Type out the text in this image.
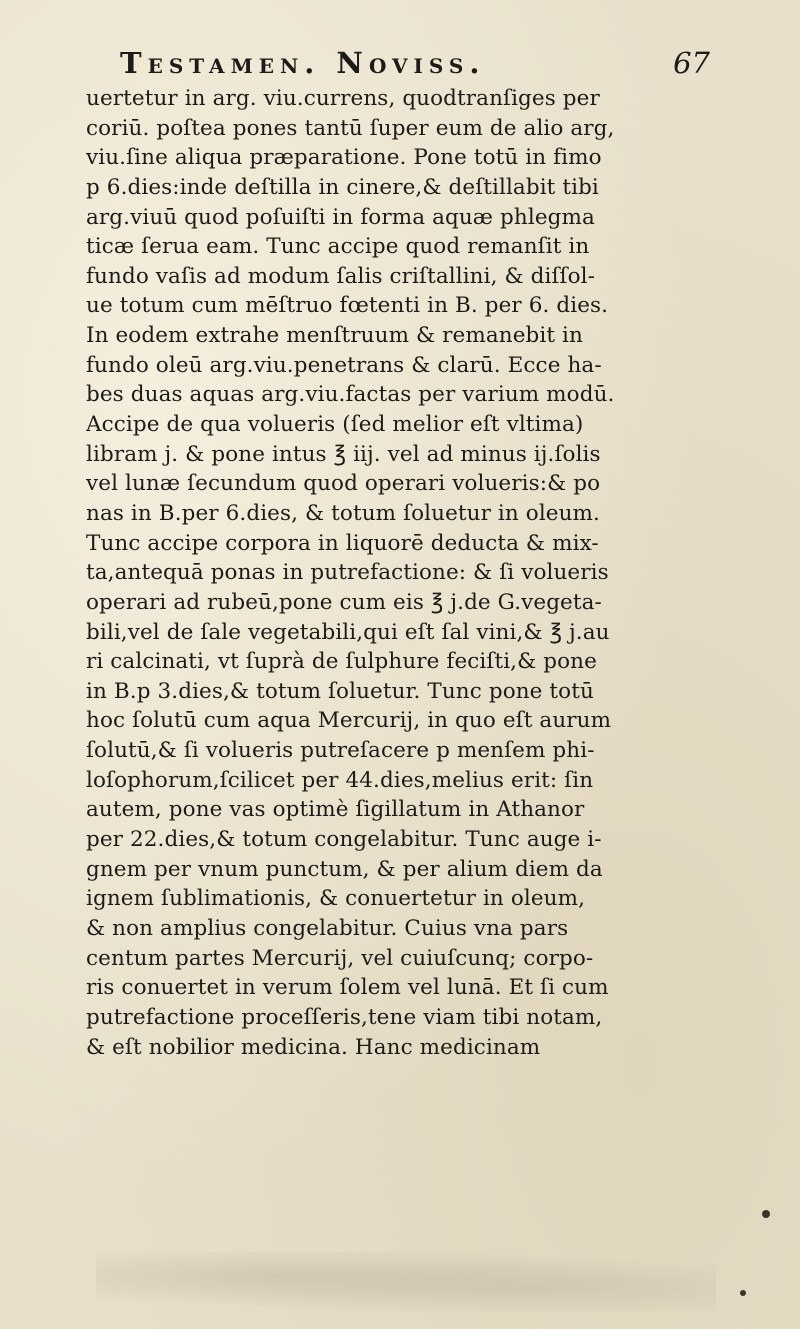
Testamen. Noviss.	67
uertetur in arg. viu.currens, quodtranſiges per
coriū. poſtea pones tantū ſuper eum de alio arg,
viu.ſine aliqua præparatione. Pone totū in fimo
p 6.dies:inde deſtilla in cinere,& deſtillabit tibi
arg.viuū quod poſuiſti in forma aquæ phlegma
ticæ ſerua eam. Tunc accipe quod remanſit in
fundo vaſis ad modum ſalis criſtallini, & diſſol-
ue totum cum mēſtruo fœtenti in B. per 6. dies.
In eodem extrahe menſtruum & remanebit in
fundo oleū arg.viu.penetrans & clarū. Ecce ha-
bes duas aquas arg.viu.factas per varium modū.
Accipe de qua volueris (ſed melior eſt vltima)
libram j. & pone intus ℥ iij. vel ad minus ij.ſolis
vel lunæ ſecundum quod operari volueris:& po
nas in B.per 6.dies, & totum ſoluetur in oleum.
Tunc accipe corpora in liquorē deducta & mix-
ta,antequā ponas in putrefactione: & ſi volueris
operari ad rubeū,pone cum eis ℥ j.de G.vegeta-
bili,vel de ſale vegetabili,qui eſt ſal vini,& ℥ j.au
ri calcinati, vt ſuprà de ſulphure feciſti,& pone
in B.p 3.dies,& totum ſoluetur. Tunc pone totū
hoc ſolutū cum aqua Mercurij, in quo eſt aurum
ſolutū,& ſi volueris putreſacere p menſem phi-
loſophorum,ſcilicet per 44.dies,melius erit: ſin
autem, pone vas optimè ſigillatum in Athanor
per 22.dies,& totum congelabitur. Tunc auge i-
gnem per vnum punctum, & per alium diem da
ignem ſublimationis, & conuertetur in oleum,
& non amplius congelabitur. Cuius vna pars
centum partes Mercurij, vel cuiuſcunq; corpo-
ris conuertet in verum ſolem vel lunā. Et ſi cum
putrefactione proceſſeris,tene viam tibi notam,
& eſt nobilior medicina. Hanc medicinam
